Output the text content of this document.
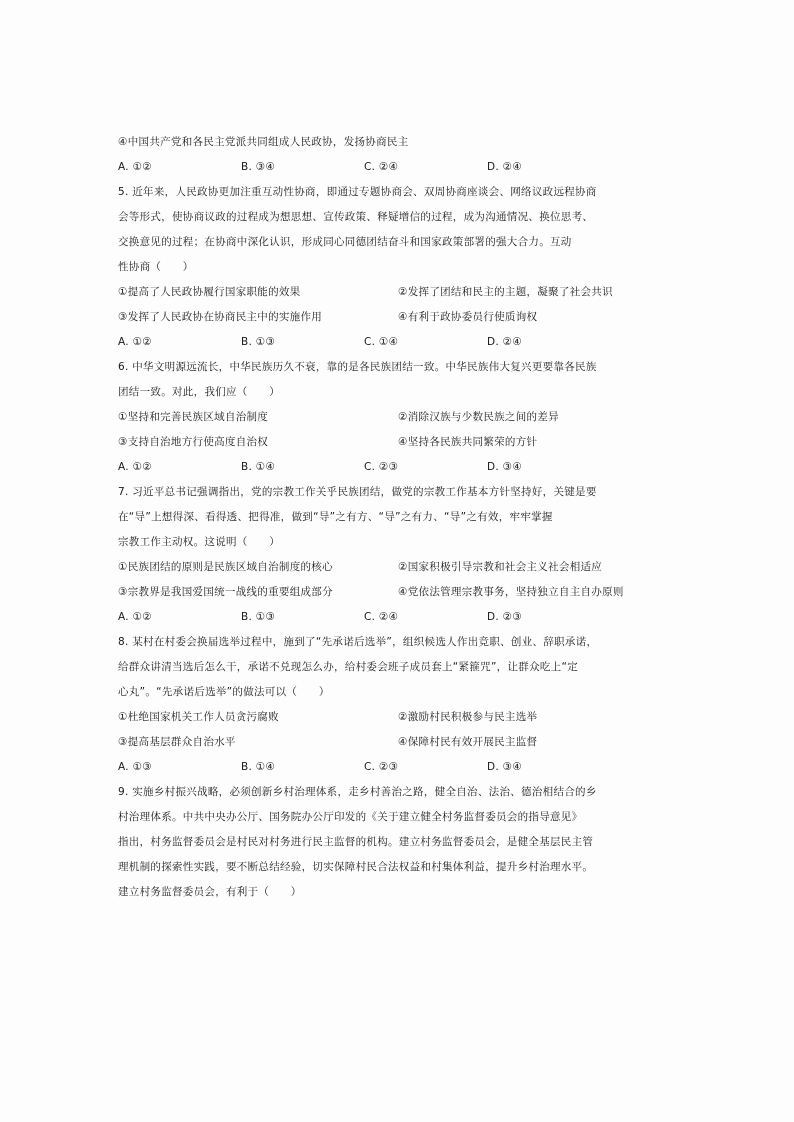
④中国共产党和各民主党派共同组成人民政协，发扬协商民主
A. ①②	B. ③④	C. ②④	D. ②④
5. 近年来，人民政协更加注重互动性协商，即通过专题协商会、双周协商座谈会、网络议政远程协商
会等形式，使协商议政的过程成为想思想、宣传政策、释疑增信的过程，成为沟通情况、换位思考、
交换意见的过程；在协商中深化认识，形成同心同德团结奋斗和国家政策部署的强大合力。互动
性协商（　　）
①提高了人民政协履行国家职能的效果	②发挥了团结和民主的主题，凝聚了社会共识
③发挥了人民政协在协商民主中的实施作用	④有利于政协委员行使质询权
A. ①②	B. ①③	C. ①④	D. ②④
6. 中华文明源远流长，中华民族历久不衰，靠的是各民族团结一致。中华民族伟大复兴更要靠各民族
团结一致。对此，我们应（　　）
①坚持和完善民族区域自治制度	②消除汉族与少数民族之间的差异
③支持自治地方行使高度自治权	④坚持各民族共同繁荣的方针
A. ①②	B. ①④	C. ②③	D. ③④
7. 习近平总书记强调指出，党的宗教工作关乎民族团结，做党的宗教工作基本方针坚持好，关键是要
在“导”上想得深、看得透、把得准，做到“导”之有方、“导”之有力、“导”之有效，牢牢掌握
宗教工作主动权。这说明（　　）
①民族团结的原则是民族区域自治制度的核心	②国家积极引导宗教和社会主义社会相适应
③宗教界是我国爱国统一战线的重要组成部分	④党依法管理宗教事务，坚持独立自主自办原则
A. ①②	B. ①③	C. ②④	D. ②③
8. 某村在村委会换届选举过程中，施到了“先承诺后选举”，组织候选人作出竞职、创业、辞职承诺，
给群众讲清当选后怎么干，承诺不兑现怎么办，给村委会班子成员套上“紧箍咒”，让群众吃上“定
心丸”。“先承诺后选举”的做法可以（　　）
①杜绝国家机关工作人员贪污腐败	②激励村民积极参与民主选举
③提高基层群众自治水平	④保障村民有效开展民主监督
A. ①③	B. ①④	C. ②③	D. ③④
9. 实施乡村振兴战略，必须创新乡村治理体系，走乡村善治之路，健全自治、法治、德治相结合的乡
村治理体系。中共中央办公厅、国务院办公厅印发的《关于建立健全村务监督委员会的指导意见》
指出，村务监督委员会是村民对村务进行民主监督的机构。建立村务监督委员会，是健全基层民主管
理机制的探索性实践，要不断总结经验，切实保障村民合法权益和村集体利益，提升乡村治理水平。
建立村务监督委员会，有利于（　　）
